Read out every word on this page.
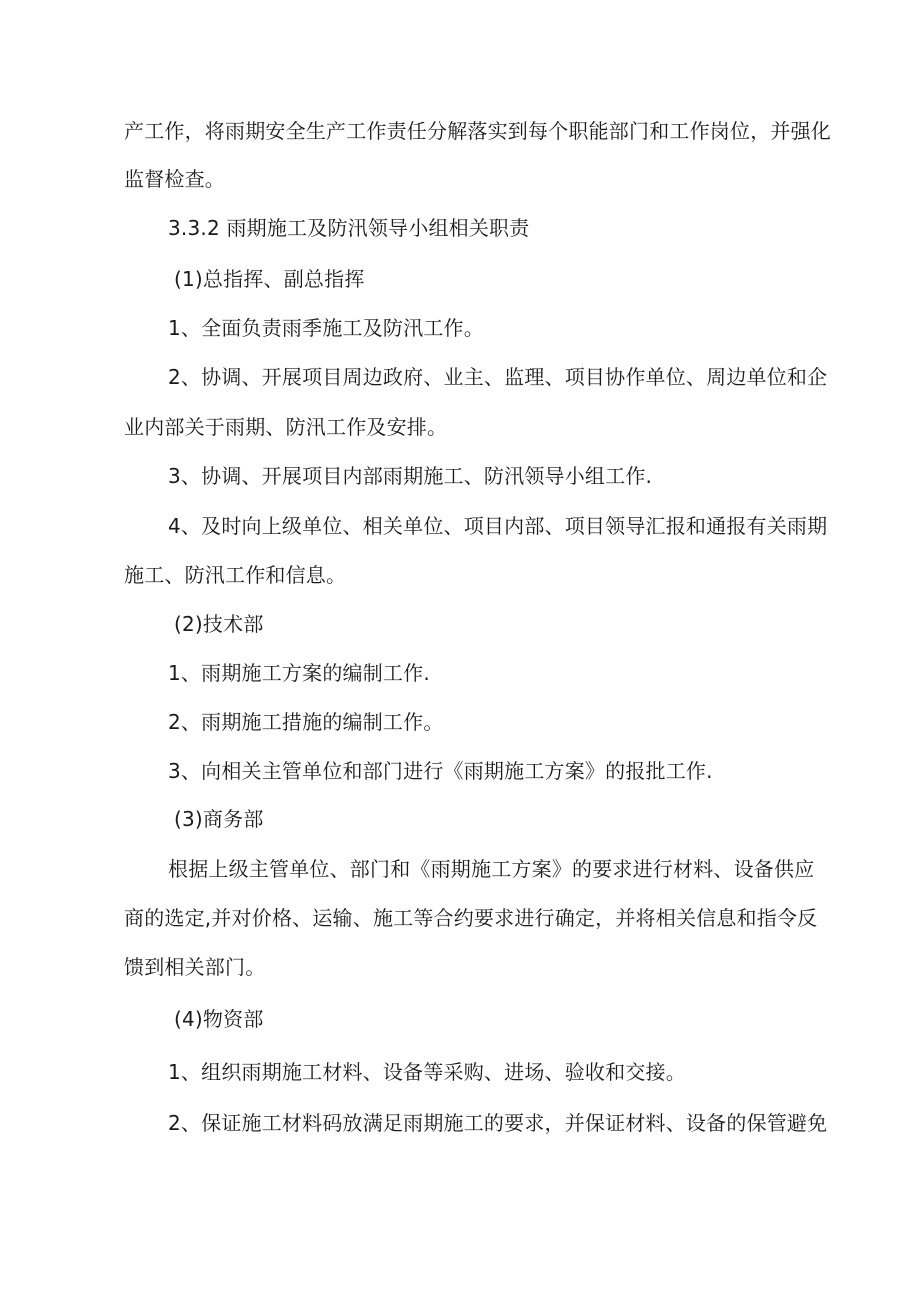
产工作，将雨期安全生产工作责任分解落实到每个职能部门和工作岗位，并强化
监督检查。
3.3.2 雨期施工及防汛领导小组相关职责
(1)总指挥、副总指挥
1、全面负责雨季施工及防汛工作。
2、协调、开展项目周边政府、业主、监理、项目协作单位、周边单位和企
业内部关于雨期、防汛工作及安排。
3、协调、开展项目内部雨期施工、防汛领导小组工作.
4、及时向上级单位、相关单位、项目内部、项目领导汇报和通报有关雨期
施工、防汛工作和信息。
(2)技术部
1、雨期施工方案的编制工作.
2、雨期施工措施的编制工作。
3、向相关主管单位和部门进行《雨期施工方案》的报批工作.
(3)商务部
根据上级主管单位、部门和《雨期施工方案》的要求进行材料、设备供应
商的选定,并对价格、运输、施工等合约要求进行确定，并将相关信息和指令反
馈到相关部门。
(4)物资部
1、组织雨期施工材料、设备等采购、进场、验收和交接。
2、保证施工材料码放满足雨期施工的要求，并保证材料、设备的保管避免
